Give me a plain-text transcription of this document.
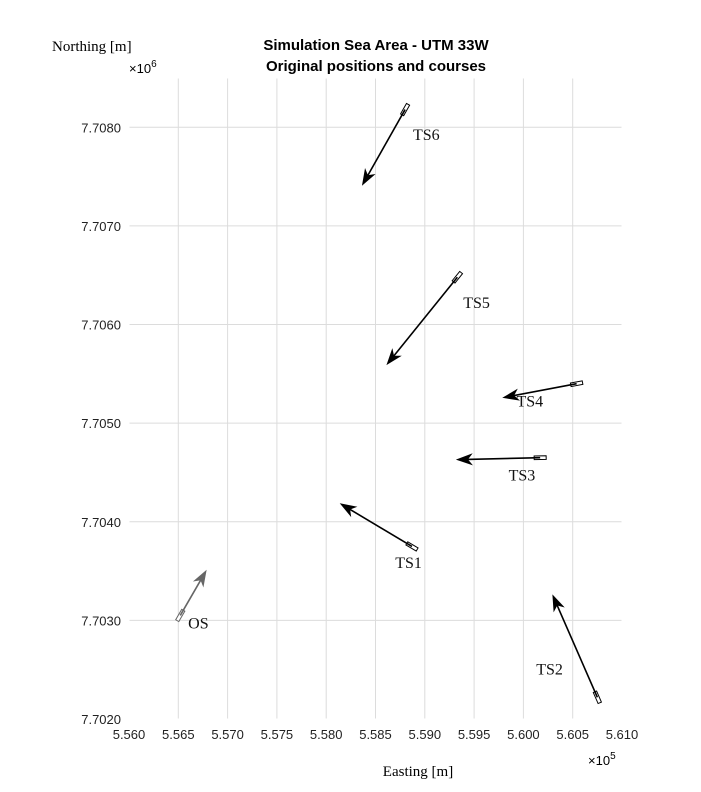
5.560 5.565 5.570 5.575 5.580 5.585 5.590 5.595 5.600 5.605 5.610
7.7020
7.7030
7.7040
7.7050
7.7060
7.7070
7.7080
OS
TS1
TS2
TS3
TS4
TS5
TS6
Simulation Sea Area - UTM 33W
Original positions and courses
Northing [m]
$\times 10^6$
Easting [m]
$\times 10^5$
